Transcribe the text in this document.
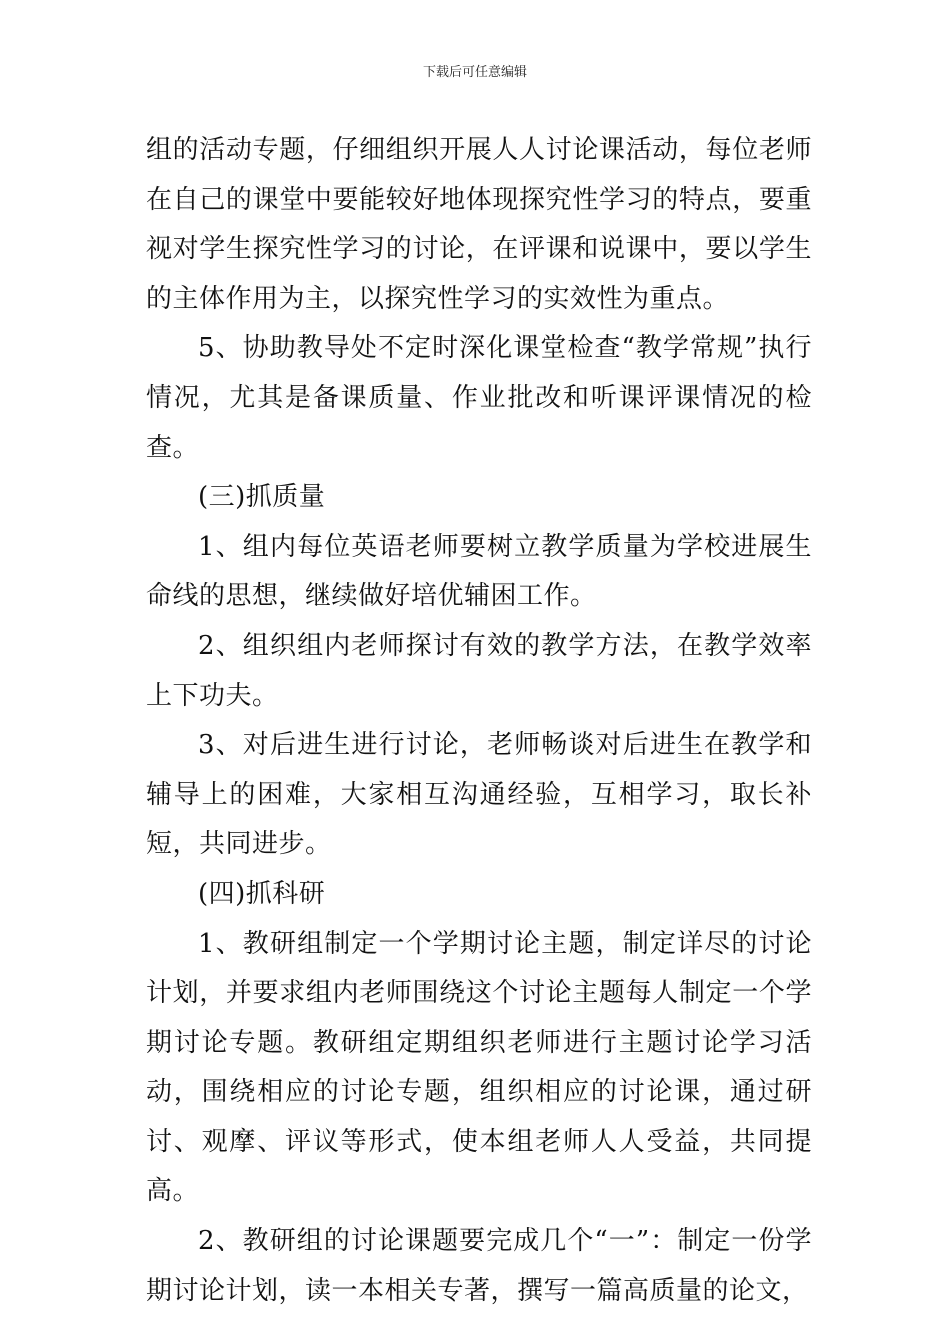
下载后可任意编辑

组的活动专题，仔细组织开展人人讨论课活动，每位老师在自己的课堂中要能较好地体现探究性学习的特点，要重视对学生探究性学习的讨论，在评课和说课中，要以学生的主体作用为主，以探究性学习的实效性为重点。

5、协助教导处不定时深化课堂检查“教学常规”执行情况，尤其是备课质量、作业批改和听课评课情况的检查。

(三)抓质量

1、组内每位英语老师要树立教学质量为学校进展生命线的思想，继续做好培优辅困工作。

2、组织组内老师探讨有效的教学方法，在教学效率上下功夫。

3、对后进生进行讨论，老师畅谈对后进生在教学和辅导上的困难，大家相互沟通经验，互相学习，取长补短，共同进步。

(四)抓科研

1、教研组制定一个学期讨论主题，制定详尽的讨论计划，并要求组内老师围绕这个讨论主题每人制定一个学期讨论专题。教研组定期组织老师进行主题讨论学习活动，围绕相应的讨论专题，组织相应的讨论课，通过研讨、观摩、评议等形式，使本组老师人人受益，共同提高。

2、教研组的讨论课题要完成几个“一”：制定一份学期讨论计划，读一本相关专著，撰写一篇高质量的论文，
